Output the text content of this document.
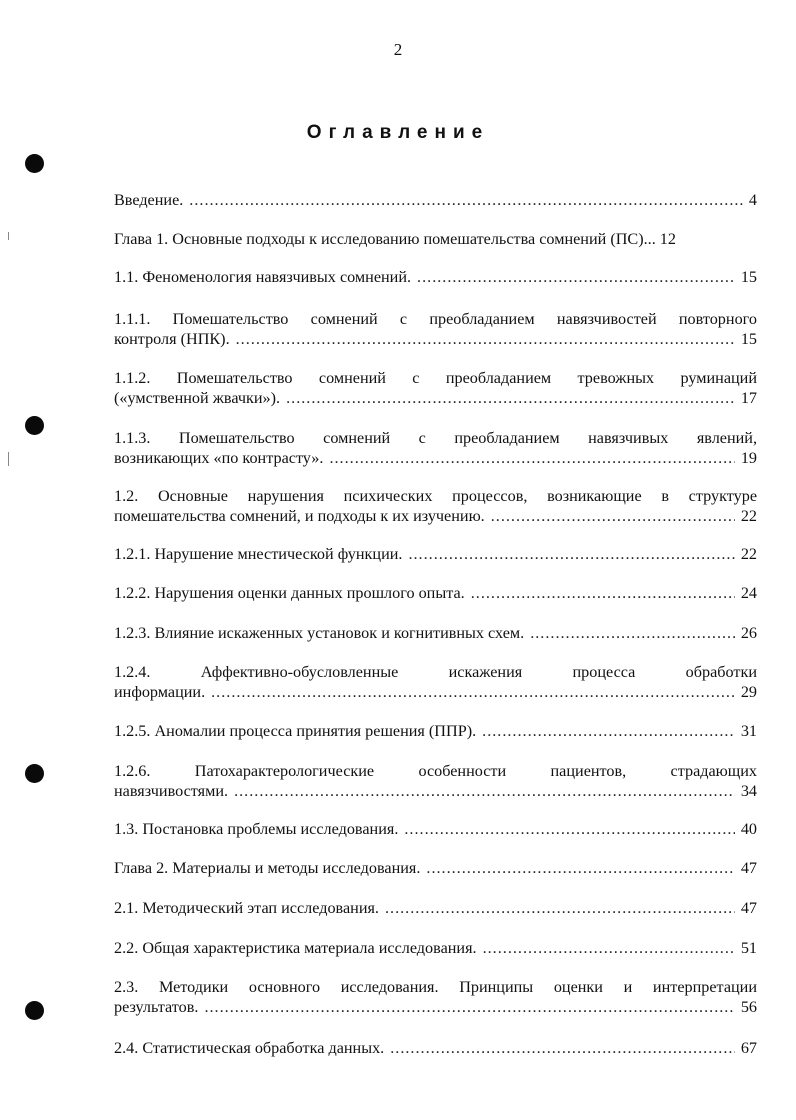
2
Оглавление
Введение. .....	4
Глава 1. Основные подходы к исследованию помешательства сомнений (ПС)... 12
1.1. Феноменология навязчивых сомнений. .....	15
1.1.1. Помешательство сомнений с преобладанием навязчивостей повторного
контроля (НПК). .....	15
1.1.2. Помешательство сомнений с преобладанием тревожных руминаций
(«умственной жвачки»). .....	17
1.1.3. Помешательство сомнений с преобладанием навязчивых явлений,
возникающих «по контрасту». .....	19
1.2. Основные нарушения психических процессов, возникающие в структуре
помешательства сомнений, и подходы к их изучению. .....	22
1.2.1. Нарушение мнестической функции. .....	22
1.2.2. Нарушения оценки данных прошлого опыта. .....	24
1.2.3. Влияние искаженных установок и когнитивных схем. .....	26
1.2.4. Аффективно-обусловленные искажения процесса обработки
информации. .....	29
1.2.5. Аномалии процесса принятия решения (ППР). .....	31
1.2.6. Патохарактерологические особенности пациентов, страдающих
навязчивостями. .....	34
1.3. Постановка проблемы исследования. .....	40
Глава 2. Материалы и методы исследования. .....	47
2.1. Методический этап исследования. .....	47
2.2. Общая характеристика материала исследования. .....	51
2.3. Методики основного исследования. Принципы оценки и интерпретации
результатов. .....	56
2.4. Статистическая обработка данных. .....	67
